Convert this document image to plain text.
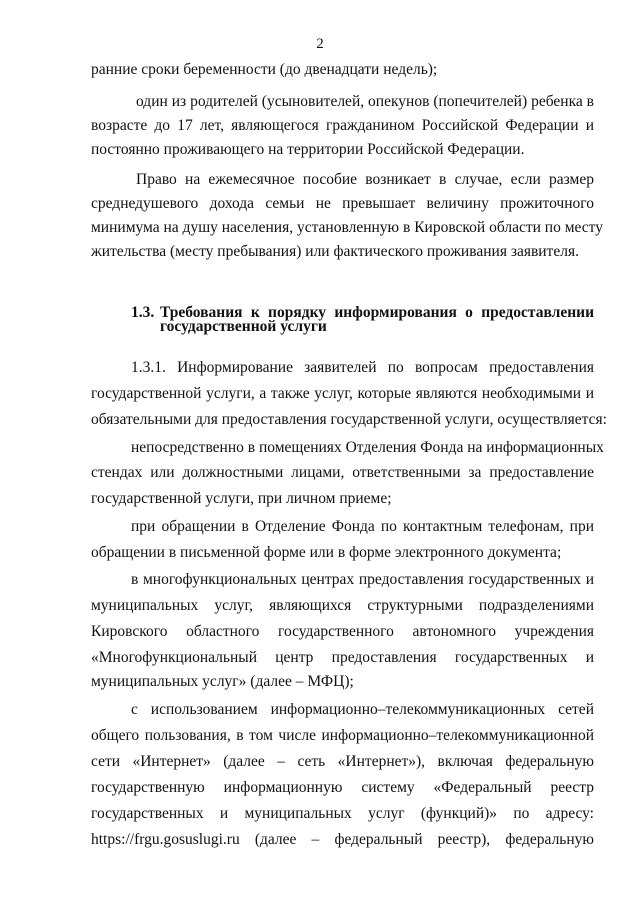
2
ранние сроки беременности (до двенадцати недель);
один из родителей (усыновителей, опекунов (попечителей) ребенка в
возрасте до 17 лет, являющегося гражданином Российской Федерации и
постоянно проживающего на территории Российской Федерации.
Право на ежемесячное пособие возникает в случае, если размер
среднедушевого дохода семьи не превышает величину прожиточного
минимума на душу населения, установленную в Кировской области по месту
жительства (месту пребывания) или фактического проживания заявителя.
1.3. Требования к порядку информирования о предоставлении
государственной услуги
1.3.1. Информирование заявителей по вопросам предоставления
государственной услуги, а также услуг, которые являются необходимыми и
обязательными для предоставления государственной услуги, осуществляется:
непосредственно в помещениях Отделения Фонда на информационных
стендах или должностными лицами, ответственными за предоставление
государственной услуги, при личном приеме;
при обращении в Отделение Фонда по контактным телефонам, при
обращении в письменной форме или в форме электронного документа;
в многофункциональных центрах предоставления государственных и
муниципальных услуг, являющихся структурными подразделениями
Кировского областного государственного автономного учреждения
«Многофункциональный центр предоставления государственных и
муниципальных услуг» (далее – МФЦ);
с использованием информационно–телекоммуникационных сетей
общего пользования, в том числе информационно–телекоммуникационной
сети «Интернет» (далее – сеть «Интернет»), включая федеральную
государственную информационную систему «Федеральный реестр
государственных и муниципальных услуг (функций)» по адресу:
https://frgu.gosuslugi.ru (далее – федеральный реестр), федеральную
